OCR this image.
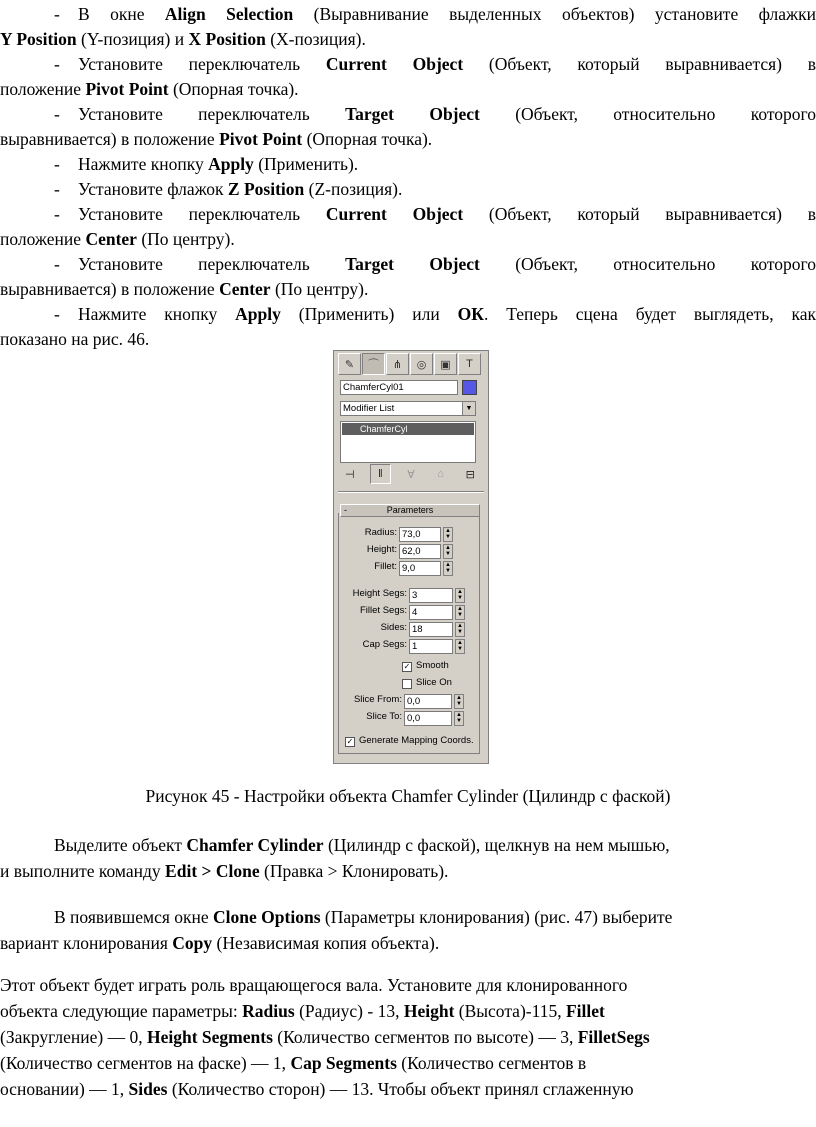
- В окне Align Selection (Выравнивание выделенных объектов) установите флажки
Y Position (Y-позиция) и X Position (X-позиция).
- Установите переключатель Current Object (Объект, который выравнивается) в
положение Pivot Point (Опорная точка).
- Установите переключатель Target Object (Объект, относительно которого
выравнивается) в положение Pivot Point (Опорная точка).
- Нажмите кнопку Apply (Применить).
- Установите флажок Z Position (Z-позиция).
- Установите переключатель Current Object (Объект, который выравнивается) в
положение Center (По центру).
- Установите переключатель Target Object (Объект, относительно которого
выравнивается) в положение Center (По центру).
- Нажмите кнопку Apply (Применить) или ОК. Теперь сцена будет выглядеть, как
показано на рис. 46.
✎	⌒	⋔	◎	▣	T
ChamferCyl01
Modifier List	▼
ChamferCyl
⊣	ǁ	∀	⌂	⊟
-	Parameters
Radius: 73,0	▲
▼
Height: 62,0	▲
▼
Fillet: 9,0	▲
▼
Height Segs: 3	▲
▼
Fillet Segs: 4	▲
▼
Sides: 18	▲
▼
Cap Segs: 1	▲
▼
✓ Smooth
Slice On
Slice From: 0,0	▲
▼
Slice To: 0,0	▲
▼
✓ Generate Mapping Coords.
Рисунок 45 - Настройки объекта Chamfer Cylinder (Цилиндр с фаской)
Выделите объект Chamfer Cylinder (Цилиндр с фаской), щелкнув на нем мышью,
и выполните команду Edit > Clone (Правка > Клонировать).
В появившемся окне Clone Options (Параметры клонирования) (рис. 47) выберите
вариант клонирования Copy (Независимая копия объекта).
Этот объект будет играть роль вращающегося вала. Установите для клонированного
объекта следующие параметры: Radius (Радиус) - 13, Height (Высота)-115, Fillet
(Закругление) — 0, Height Segments (Количество сегментов по высоте) — 3, FilletSegs
(Количество сегментов на фаске) — 1, Cap Segments (Количество сегментов в
основании) — 1, Sides (Количество сторон) — 13. Чтобы объект принял сглаженную
